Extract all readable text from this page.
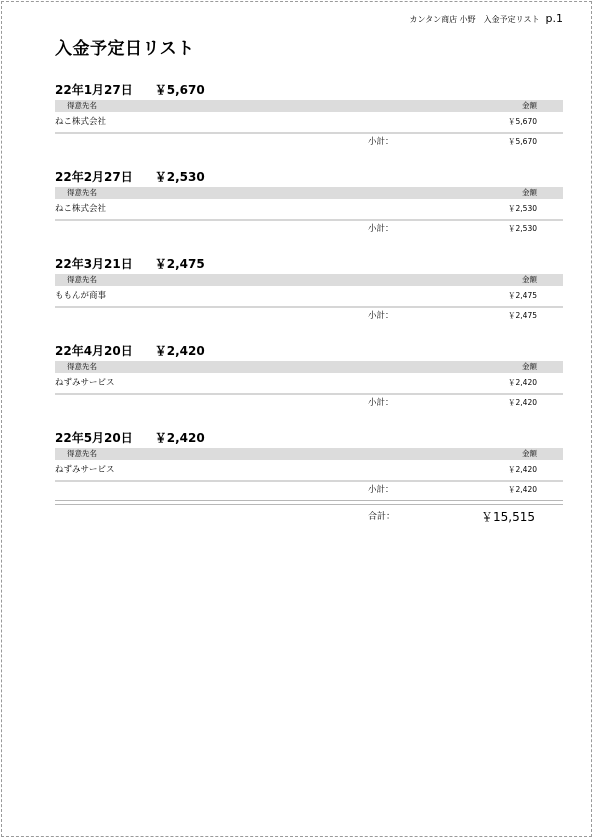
カンタン商店 小野　入金予定リスト p.1
入金予定日リスト
22年1月27日 ￥5,670
得意先名	金額
ねこ株式会社	￥5,670
小計：	￥5,670
22年2月27日 ￥2,530
得意先名	金額
ねこ株式会社	￥2,530
小計：	￥2,530
22年3月21日 ￥2,475
得意先名	金額
ももんが商事	￥2,475
小計：	￥2,475
22年4月20日 ￥2,420
得意先名	金額
ねずみサービス	￥2,420
小計：	￥2,420
22年5月20日 ￥2,420
得意先名	金額
ねずみサービス	￥2,420
小計：	￥2,420
合計：	￥15,515
